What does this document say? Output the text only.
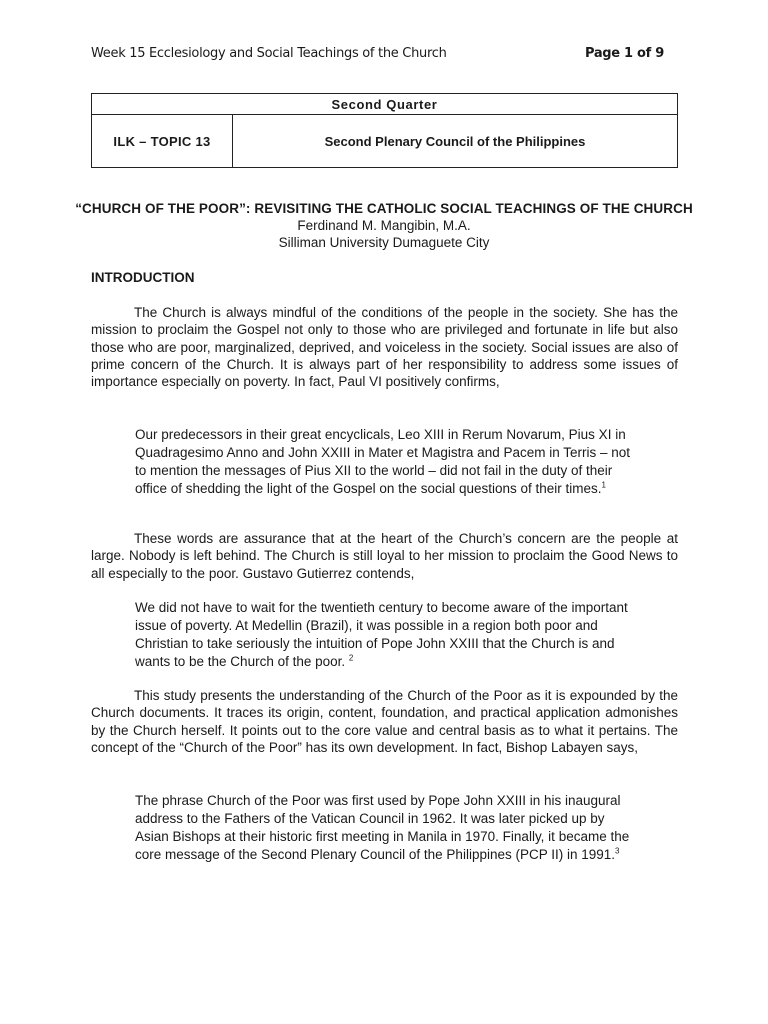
Week 15 Ecclesiology and Social Teachings of the Church	Page 1 of 9
Second Quarter
ILK – TOPIC 13	Second Plenary Council of the Philippines
“CHURCH OF THE POOR”: REVISITING THE CATHOLIC SOCIAL TEACHINGS OF THE CHURCH
Ferdinand M. Mangibin, M.A.
Silliman University Dumaguete City
INTRODUCTION

The Church is always mindful of the conditions of the people in the society. She has the mission to proclaim the Gospel not only to those who are privileged and fortunate in life but also those who are poor, marginalized, deprived, and voiceless in the society. Social issues are also of prime concern of the Church. It is always part of her responsibility to address some issues of importance especially on poverty. In fact, Paul VI positively confirms,

Our predecessors in their great encyclicals, Leo XIII in Rerum Novarum, Pius XI in Quadragesimo Anno and John XXIII in Mater et Magistra and Pacem in Terris – not to mention the messages of Pius XII to the world – did not fail in the duty of their office of shedding the light of the Gospel on the social questions of their times.$^1$

These words are assurance that at the heart of the Church’s concern are the people at large. Nobody is left behind. The Church is still loyal to her mission to proclaim the Good News to all especially to the poor. Gustavo Gutierrez contends,

We did not have to wait for the twentieth century to become aware of the important issue of poverty. At Medellin (Brazil), it was possible in a region both poor and Christian to take seriously the intuition of Pope John XXIII that the Church is and wants to be the Church of the poor. $^2$

This study presents the understanding of the Church of the Poor as it is expounded by the Church documents. It traces its origin, content, foundation, and practical application admonishes by the Church herself. It points out to the core value and central basis as to what it pertains. The concept of the “Church of the Poor” has its own development. In fact, Bishop Labayen says,

The phrase Church of the Poor was first used by Pope John XXIII in his inaugural address to the Fathers of the Vatican Council in 1962. It was later picked up by Asian Bishops at their historic first meeting in Manila in 1970. Finally, it became the core message of the Second Plenary Council of the Philippines (PCP II) in 1991.$^3$
